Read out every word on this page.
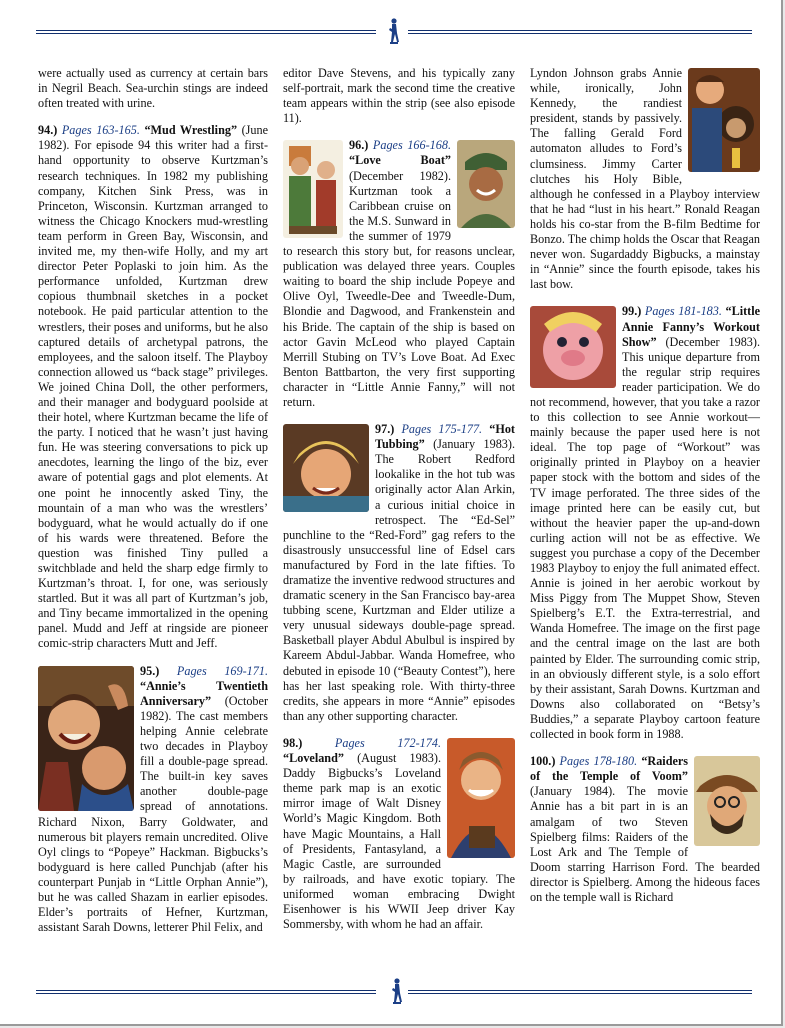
were actually used as currency at certain bars in Negril Beach. Sea-urchin stings are indeed often treated with urine.

94.) Pages 163-165. “Mud Wrestling” (June 1982). For episode 94 this writer had a first-hand opportunity to observe Kurtzman’s research techniques. In 1982 my publishing company, Kitchen Sink Press, was in Princeton, Wisconsin. Kurtzman arranged to witness the Chicago Knockers mud-wrestling team perform in Green Bay, Wisconsin, and invited me, my then-wife Holly, and my art director Peter Poplaski to join him. As the performance unfolded, Kurtzman drew copious thumbnail sketches in a pocket notebook. He paid particular attention to the wrestlers, their poses and uniforms, but he also captured details of archetypal patrons, the employees, and the saloon itself. The Playboy connection allowed us “back stage” privileges. We joined China Doll, the other performers, and their manager and bodyguard poolside at their hotel, where Kurtzman became the life of the party. I noticed that he wasn’t just having fun. He was steering conversations to pick up anecdotes, learning the lingo of the biz, ever aware of potential gags and plot elements. At one point he innocently asked Tiny, the mountain of a man who was the wrestlers’ bodyguard, what he would actually do if one of his wards were threatened. Before the question was finished Tiny pulled a switchblade and held the sharp edge firmly to Kurtzman’s throat. I, for one, was seriously startled. But it was all part of Kurtzman’s job, and Tiny became immortalized in the opening panel. Mudd and Jeff at ringside are pioneer comic-strip characters Mutt and Jeff.

95.) Pages 169-171. “Annie’s Twentieth Anniversary” (October 1982). The cast members helping Annie celebrate two decades in Playboy fill a double-page spread. The built-in key saves another double-page spread of annotations. Richard Nixon, Barry Goldwater, and numerous bit players remain uncredited. Olive Oyl clings to “Popeye” Hackman. Bigbucks’s bodyguard is here called Punchjab (after his counterpart Punjab in “Little Orphan Annie”), but he was called Shazam in earlier episodes. Elder’s portraits of Hefner, Kurtzman, assistant Sarah Downs, letterer Phil Felix, and

editor Dave Stevens, and his typically zany self-portrait, mark the second time the creative team appears within the strip (see also episode 11).

96.) Pages 166-168. “Love Boat” (December 1982). Kurtzman took a Caribbean cruise on the M.S. Sunward in the summer of 1979 to research this story but, for reasons unclear, publication was delayed three years. Couples waiting to board the ship include Popeye and Olive Oyl, Tweedle-Dee and Tweedle-Dum, Blondie and Dagwood, and Frankenstein and his Bride. The captain of the ship is based on actor Gavin McLeod who played Captain Merrill Stubing on TV’s Love Boat. Ad Exec Benton Battbarton, the very first supporting character in “Little Annie Fanny,” will not return.

97.) Pages 175-177. “Hot Tubbing” (January 1983). The Robert Redford lookalike in the hot tub was originally actor Alan Arkin, a curious initial choice in retrospect. The “Ed-Sel” punchline to the “Red-Ford” gag refers to the disastrously unsuccessful line of Edsel cars manufactured by Ford in the late fifties. To dramatize the inventive redwood structures and dramatic scenery in the San Francisco bay-area tubbing scene, Kurtzman and Elder utilize a very unusual sideways double-page spread. Basketball player Abdul Abulbul is inspired by Kareem Abdul-Jabbar. Wanda Homefree, who debuted in episode 10 (“Beauty Contest”), here has her last speaking role. With thirty-three credits, she appears in more “Annie” episodes than any other supporting character.

98.)	Pages 172-174. “Loveland” (August 1983). Daddy Bigbucks’s Loveland theme park map is an exotic mirror image of Walt Disney World’s Magic Kingdom. Both have Magic Mountains, a Hall of Presidents, Fantasyland, a Magic Castle, are surrounded by railroads, and have exotic topiary. The uniformed woman embracing Dwight Eisenhower is his WWII Jeep driver Kay Sommersby, with whom he had an affair.

Lyndon Johnson grabs Annie while, ironically, John Kennedy, the randiest president, stands by passively. The falling Gerald Ford automaton alludes to Ford’s clumsiness. Jimmy Carter clutches his Holy Bible, although he confessed in a Playboy interview that he had “lust in his heart.” Ronald Reagan holds his co-star from the B-film Bedtime for Bonzo. The chimp holds the Oscar that Reagan never won. Sugardaddy Bigbucks, a mainstay in “Annie” since the fourth episode, takes his last bow.

99.) Pages 181-183. “Little Annie Fanny’s Workout Show” (December 1983). This unique departure from the regular strip requires reader participation. We do not recommend, however, that you take a razor to this collection to see Annie workout—mainly because the paper used here is not ideal. The top page of “Workout” was originally printed in Playboy on a heavier paper stock with the bottom and sides of the TV image perforated. The three sides of the image printed here can be easily cut, but without the heavier paper the up-and-down curling action will not be as effective. We suggest you purchase a copy of the December 1983 Playboy to enjoy the full animated effect. Annie is joined in her aerobic workout by Miss Piggy from The Muppet Show, Steven Spielberg’s E.T. the Extra-terrestrial, and Wanda Homefree. The image on the first page and the central image on the last are both painted by Elder. The surrounding comic strip, in an obviously different style, is a solo effort by their assistant, Sarah Downs. Kurtzman and Downs also collaborated on “Betsy’s Buddies,” a separate Playboy cartoon feature collected in book form in 1988.

100.) Pages 178-180. “Raiders of the Temple of Voom” (January 1984). The movie Annie has a bit part in is an amalgam of two Steven Spielberg films: Raiders of the Lost Ark and The Temple of Doom starring Harrison Ford. The bearded director is Spielberg. Among the hideous faces on the temple wall is Richard
